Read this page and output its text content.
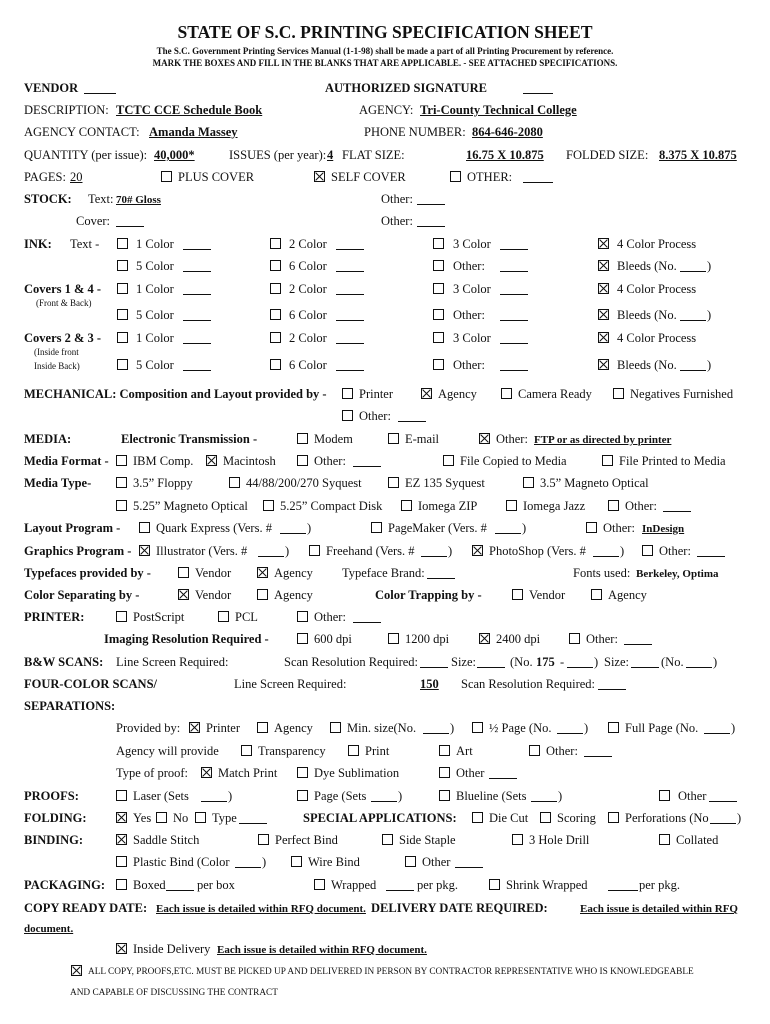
STATE OF S.C. PRINTING SPECIFICATION SHEET
The S.C. Government Printing Services Manual (1-1-98) shall be made a part of all Printing Procurement by reference.
MARK THE BOXES AND FILL IN THE BLANKS THAT ARE APPLICABLE. - SEE ATTACHED SPECIFICATIONS.
VENDOR	AUTHORIZED SIGNATURE
DESCRIPTION: TCTC CCE Schedule Book	AGENCY: Tri-County Technical College
AGENCY CONTACT: Amanda Massey	PHONE NUMBER: 864-646-2080
QUANTITY (per issue): 40,000*	ISSUES (per year): 4 FLAT SIZE:	16.75 X 10.875 FOLDED SIZE: 8.375 X 10.875
PAGES: 20	PLUS COVER	SELF COVER	OTHER:
STOCK: Text: 70# Gloss	Other:
Cover:	Other:
INK: Text -	1 Color	2 Color	3 Color	4 Color Process
5 Color	6 Color	Other:	Bleeds (No. )
Covers 1 & 4 -
(Front & Back)
1 Color	2 Color	3 Color	4 Color Process
5 Color	6 Color	Other:	Bleeds (No. )
Covers 2 & 3 -
(Inside front
Inside Back)
1 Color	2 Color	3 Color	4 Color Process
5 Color	6 Color	Other:	Bleeds (No. )
MECHANICAL: Composition and Layout provided by -	Printer	Agency	Camera Ready	Negatives Furnished
Other:
MEDIA:	Electronic Transmission -	Modem	E-mail	Other: FTP or as directed by printer
Media Format - IBM Comp. Macintosh	Other:	File Copied to Media	File Printed to Media
Media Type-	3.5” Floppy	44/88/200/270 Syquest	EZ 135 Syquest	3.5” Magneto Optical
5.25” Magneto Optical	5.25” Compact Disk	Iomega ZIP	Iomega Jazz	Other:
Layout Program -	Quark Express (Vers. #	)	PageMaker (Vers. #	)	Other: InDesign
Graphics Program - Illustrator (Vers. #	)	Freehand (Vers. #	)	PhotoShop (Vers. #	)	Other:
Typefaces provided by -	Vendor	Agency Typeface Brand:	Fonts used: Berkeley, Optima
Color Separating by -	Vendor	Agency	Color Trapping by -	Vendor	Agency
PRINTER:	PostScript	PCL	Other:
Imaging Resolution Required -	600 dpi	1200 dpi	2400 dpi	Other:
B&W SCANS: Line Screen Required:	Scan Resolution Required:	Size:	(No. 175 - ) Size:	(No. )
FOUR-COLOR SCANS/	Line Screen Required:	150 Scan Resolution Required:
SEPARATIONS:
Provided by: Printer	Agency	Min. size(No.	)	½ Page (No.	)	Full Page (No.	)
Agency will provide	Transparency	Print	Art	Other:
Type of proof: Match Print	Dye Sublimation	Other
PROOFS:	Laser (Sets	)	Page (Sets	)	Blueline (Sets	)	Other
FOLDING:	Yes No Type	SPECIAL APPLICATIONS:	Die Cut Scoring Perforations (No )
BINDING:	Saddle Stitch	Perfect Bind	Side Staple	3 Hole Drill	Collated
Plastic Bind (Color	)	Wire Bind	Other
PACKAGING: Boxed	per box	Wrapped	per pkg.	Shrink Wrapped	per pkg.
COPY READY DATE: Each issue is detailed within RFQ document. DELIVERY DATE REQUIRED:	Each issue is detailed within RFQ
document.
Inside Delivery Each issue is detailed within RFQ document.
ALL COPY, PROOFS,ETC. MUST BE PICKED UP AND DELIVERED IN PERSON BY CONTRACTOR REPRESENTATIVE WHO IS KNOWLEDGEABLE
AND CAPABLE OF DISCUSSING THE CONTRACT
